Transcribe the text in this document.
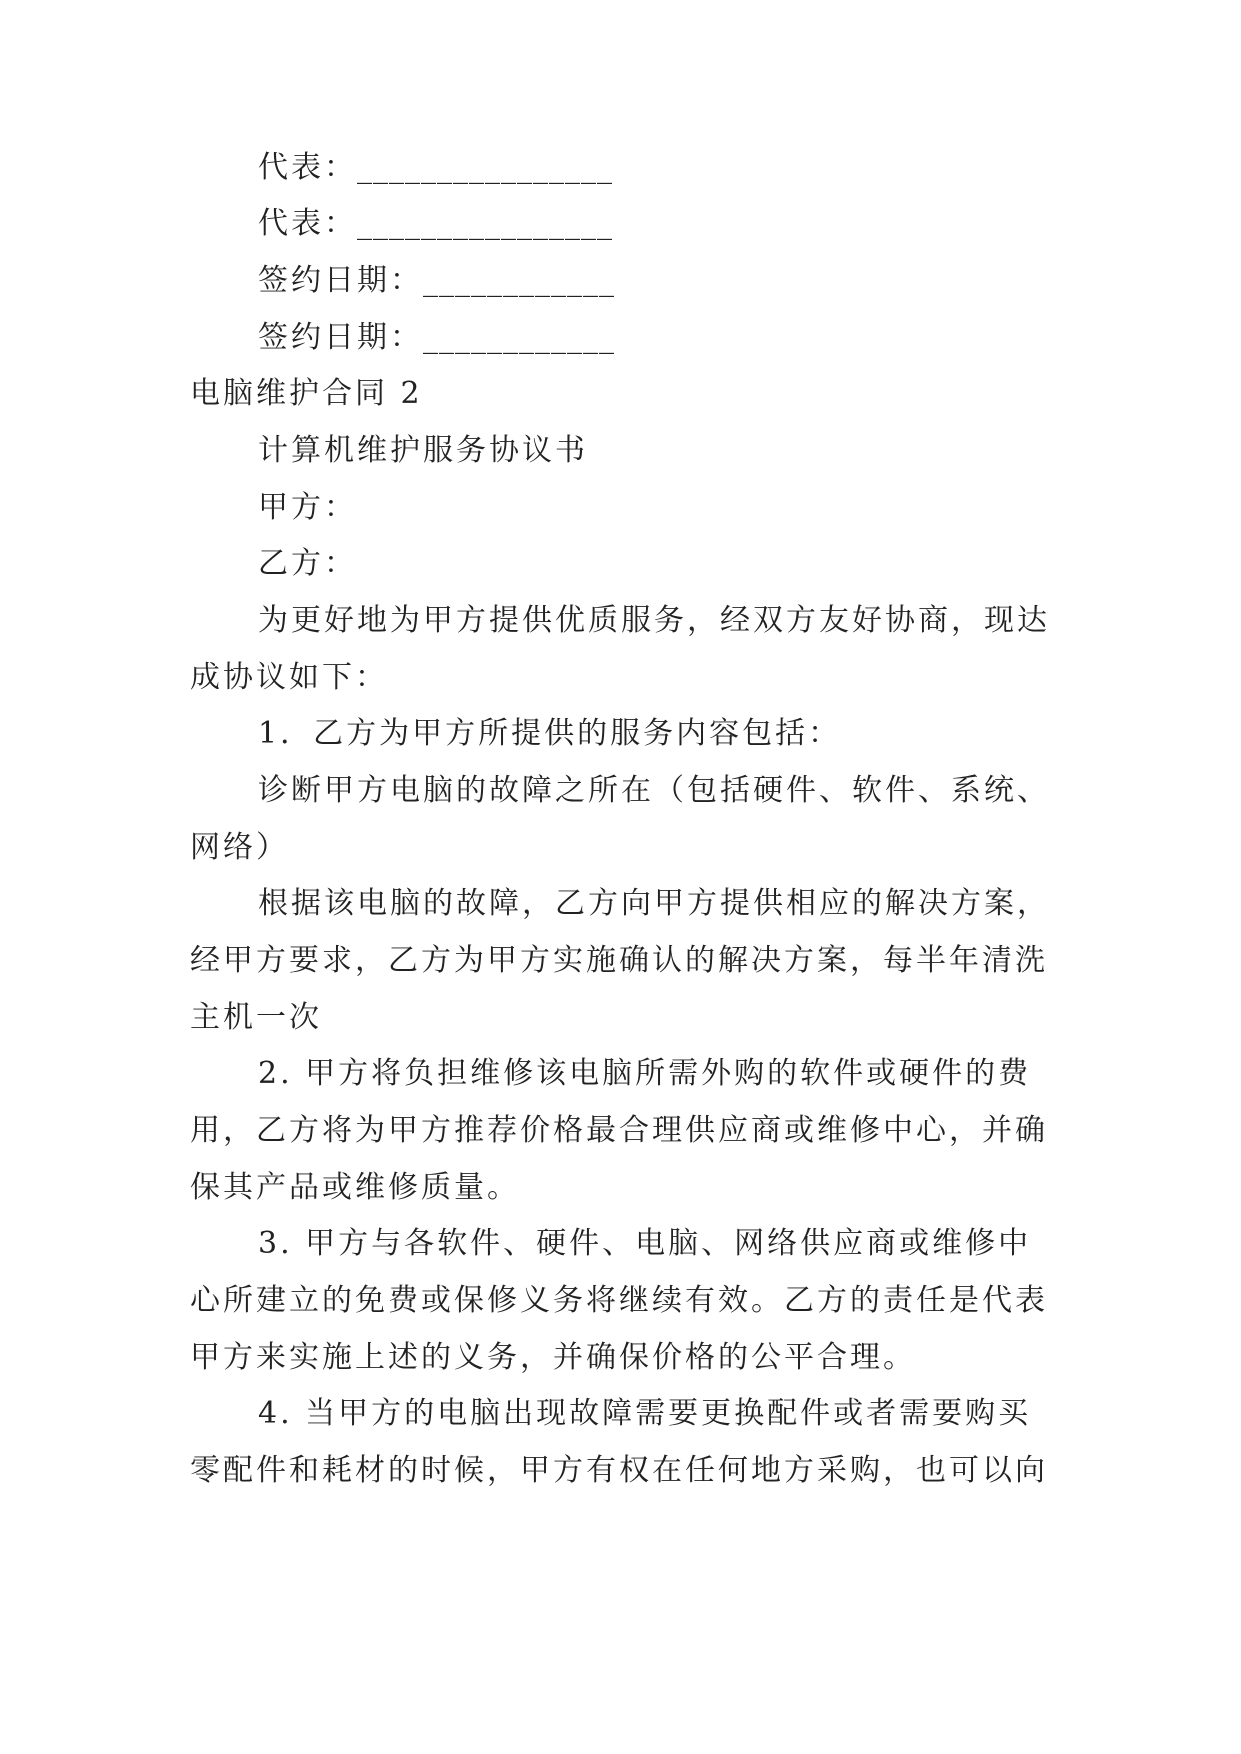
代表：________________
代表：________________
签约日期：____________
签约日期：____________
电脑维护合同 2
计算机维护服务协议书
甲方：
乙方：
为更好地为甲方提供优质服务，经双方友好协商，现达
成协议如下：
1．乙方为甲方所提供的服务内容包括：
诊断甲方电脑的故障之所在（包括硬件、软件、系统、
网络）
根据该电脑的故障，乙方向甲方提供相应的解决方案，
经甲方要求，乙方为甲方实施确认的解决方案，每半年清洗
主机一次
2. 甲方将负担维修该电脑所需外购的软件或硬件的费
用，乙方将为甲方推荐价格最合理供应商或维修中心，并确
保其产品或维修质量。
3. 甲方与各软件、硬件、电脑、网络供应商或维修中
心所建立的免费或保修义务将继续有效。乙方的责任是代表
甲方来实施上述的义务，并确保价格的公平合理。
4. 当甲方的电脑出现故障需要更换配件或者需要购买
零配件和耗材的时候，甲方有权在任何地方采购，也可以向
